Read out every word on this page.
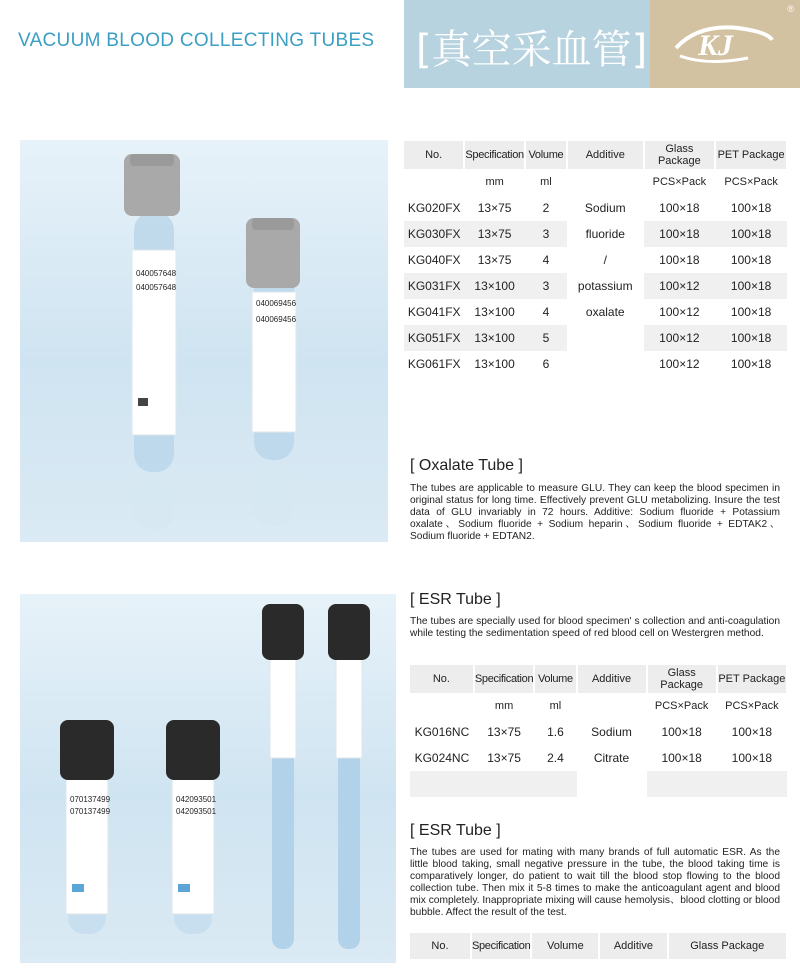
VACUUM BLOOD COLLECTING TUBES [真空采血管] KJ
®
040057648
040057648
040069456
040069456
No.	Specification	Volume	Additive	Glass Package	PET Package
	mm	ml		PCS×Pack	PCS×Pack
KG020FX	13×75	2	Sodium	100×18	100×18
KG030FX	13×75	3	fluoride	100×18	100×18
KG040FX	13×75	4	/	100×18	100×18
KG031FX	13×100	3	potassium	100×12	100×18
KG041FX	13×100	4	oxalate	100×12	100×18
KG051FX	13×100	5		100×12	100×18
KG061FX	13×100	6		100×12	100×18
[ Oxalate Tube ]
The tubes are applicable to measure GLU. They can keep the blood specimen in original status for long time. Effectively prevent GLU metabolizing. Insure the test data of GLU invariably in 72 hours. Additive: Sodium fluoride + Potassium oxalate、Sodium fluoride + Sodium heparin、Sodium fluoride + EDTAK2、Sodium fluoride + EDTAN2.
070137499
070137499
042093501
042093501
[ ESR Tube ]
The tubes are specially used for blood specimen' s collection and anti-coagulation while testing the sedimentation speed of red blood cell on Westergren method.
No.	Specification	Volume	Additive	Glass Package	PET Package
	mm	ml		PCS×Pack	PCS×Pack
KG016NC	13×75	1.6	Sodium	100×18	100×18
KG024NC	13×75	2.4	Citrate	100×18	100×18

[ ESR Tube ]
The tubes are used for mating with many brands of full automatic ESR. As the little blood taking, small negative pressure in the tube, the blood taking time is comparatively longer, do patient to wait till the blood stop flowing to the blood collection tube. Then mix it 5-8 times to make the anticoagulant agent and blood mix completely. Inappropriate mixing will cause hemolysis、blood clotting or blood bubble. Affect the result of the test.
No.	Specification	Volume	Additive	Glass Package
